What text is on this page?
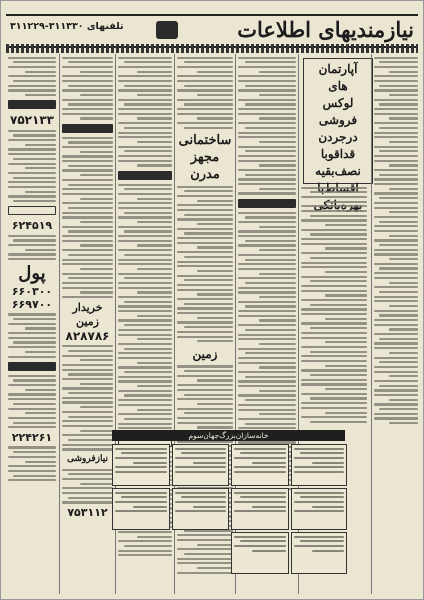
تلفنهای ۳۱۱۳۳۰-۳۱۱۲۲۹	نیازمندیهای اطلاعات
۷۵۲۱۳۳
۶۲۴۵۱۹
پول
۶۶۰۳۰۰
۶۶۹۷۰۰
۲۲۴۲۶۱
خریدار
زمین
۸۲۸۷۸۶
نیازفروشی
۷۵۳۱۱۲
ساختمانی
مجهز
مدرن
زمین
آپارتمان
های
لوکس
فروشی
درجردن
قداقوبا
نصف‌بقیه
خانه‌سازان‌بزرگ‌جهان‌سوم
